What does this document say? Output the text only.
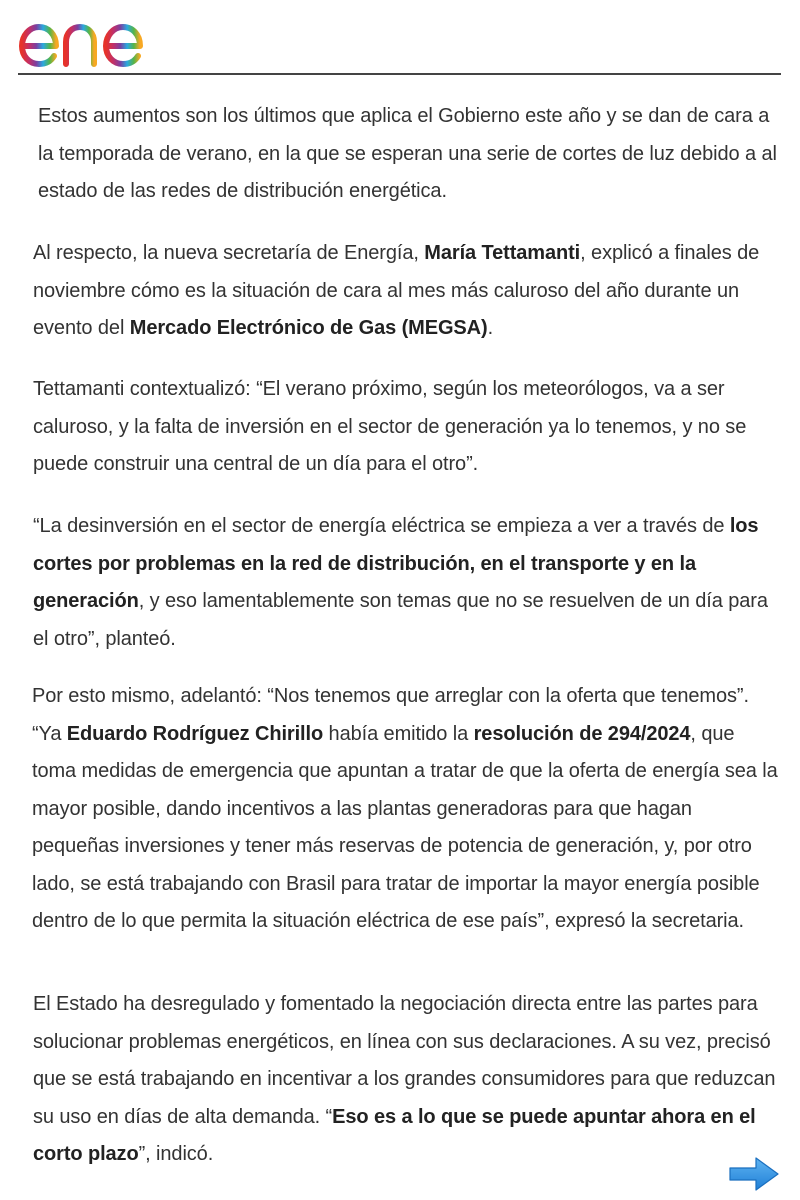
Estos aumentos son los últimos que aplica el Gobierno este año y se dan de cara a la temporada de verano, en la que se esperan una serie de cortes de luz debido a al estado de las redes de distribución energética.

Al respecto, la nueva secretaría de Energía, María Tettamanti, explicó a finales de noviembre cómo es la situación de cara al mes más caluroso del año durante un evento del Mercado Electrónico de Gas (MEGSA).

Tettamanti contextualizó: “El verano próximo, según los meteorólogos, va a ser caluroso, y la falta de inversión en el sector de generación ya lo tenemos, y no se puede construir una central de un día para el otro”.

“La desinversión en el sector de energía eléctrica se empieza a ver a través de los cortes por problemas en la red de distribución, en el transporte y en la generación, y eso lamentablemente son temas que no se resuelven de un día para el otro”, planteó.

Por esto mismo, adelantó: “Nos tenemos que arreglar con la oferta que tenemos”. “Ya Eduardo Rodríguez Chirillo había emitido la resolución de 294/2024, que toma medidas de emergencia que apuntan a tratar de que la oferta de energía sea la mayor posible, dando incentivos a las plantas generadoras para que hagan pequeñas inversiones y tener más reservas de potencia de generación, y, por otro lado, se está trabajando con Brasil para tratar de importar la mayor energía posible dentro de lo que permita la situación eléctrica de ese país”, expresó la secretaria.

El Estado ha desregulado y fomentado la negociación directa entre las partes para solucionar problemas energéticos, en línea con sus declaraciones. A su vez, precisó que se está trabajando en incentivar a los grandes consumidores para que reduzcan su uso en días de alta demanda. “Eso es a lo que se puede apuntar ahora en el corto plazo”, indicó.
